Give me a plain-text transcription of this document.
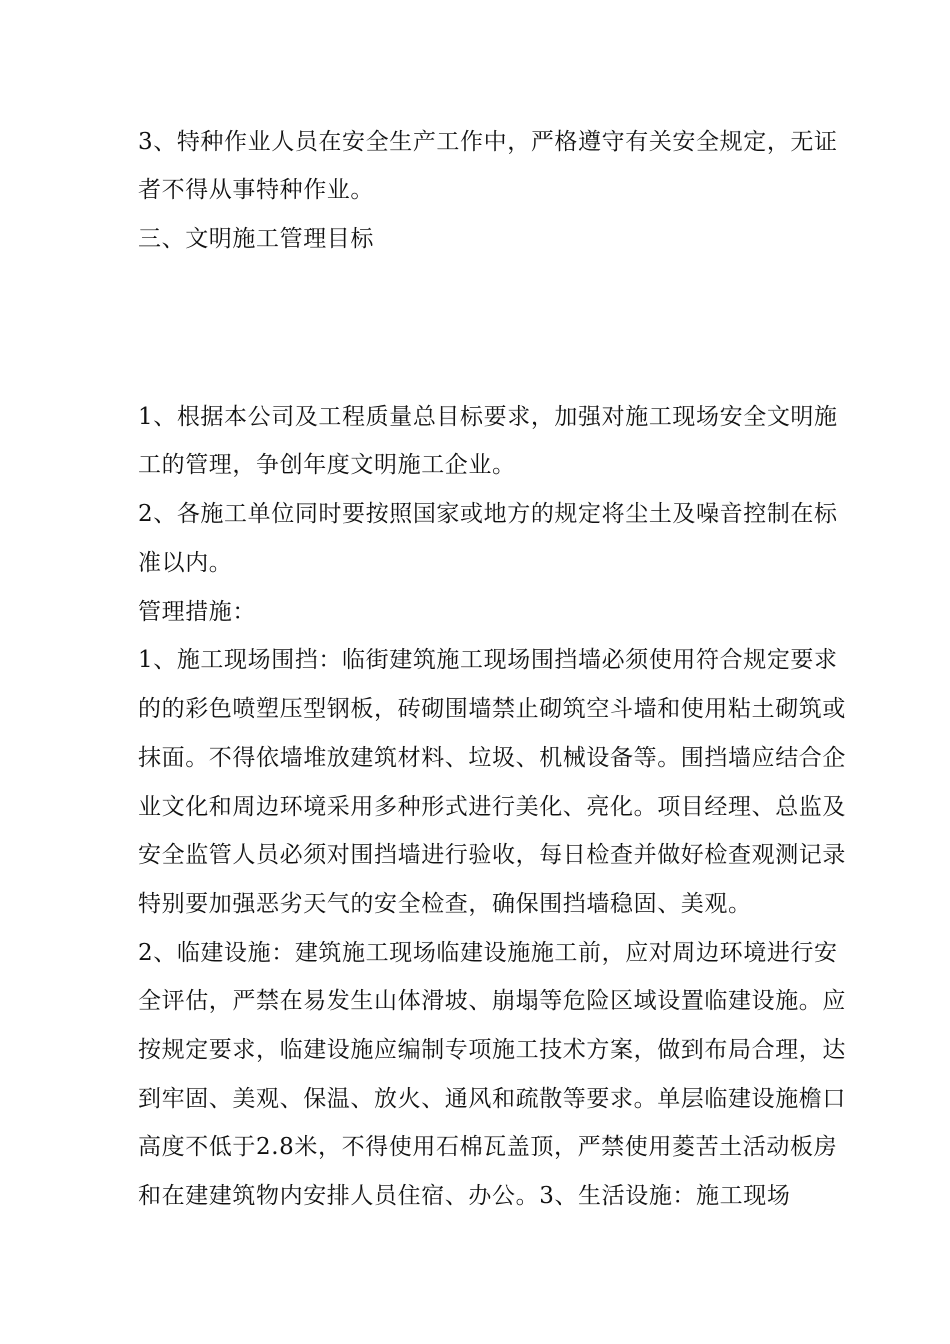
3、特种作业人员在安全生产工作中，严格遵守有关安全规定，无证
者不得从事特种作业。
三、文明施工管理目标
1、根据本公司及工程质量总目标要求，加强对施工现场安全文明施
工的管理，争创年度文明施工企业。
2、各施工单位同时要按照国家或地方的规定将尘土及噪音控制在标
准以内。
管理措施：
1、施工现场围挡：临街建筑施工现场围挡墙必须使用符合规定要求
的的彩色喷塑压型钢板，砖砌围墙禁止砌筑空斗墙和使用粘土砌筑或
抹面。不得依墙堆放建筑材料、垃圾、机械设备等。围挡墙应结合企
业文化和周边环境采用多种形式进行美化、亮化。项目经理、总监及
安全监管人员必须对围挡墙进行验收，每日检查并做好检查观测记录
特别要加强恶劣天气的安全检查，确保围挡墙稳固、美观。
2、临建设施：建筑施工现场临建设施施工前，应对周边环境进行安
全评估，严禁在易发生山体滑坡、崩塌等危险区域设置临建设施。应
按规定要求，临建设施应编制专项施工技术方案，做到布局合理，达
到牢固、美观、保温、放火、通风和疏散等要求。单层临建设施檐口
高度不低于2.8米，不得使用石棉瓦盖顶，严禁使用菱苦土活动板房
和在建建筑物内安排人员住宿、办公。3、生活设施：施工现场
